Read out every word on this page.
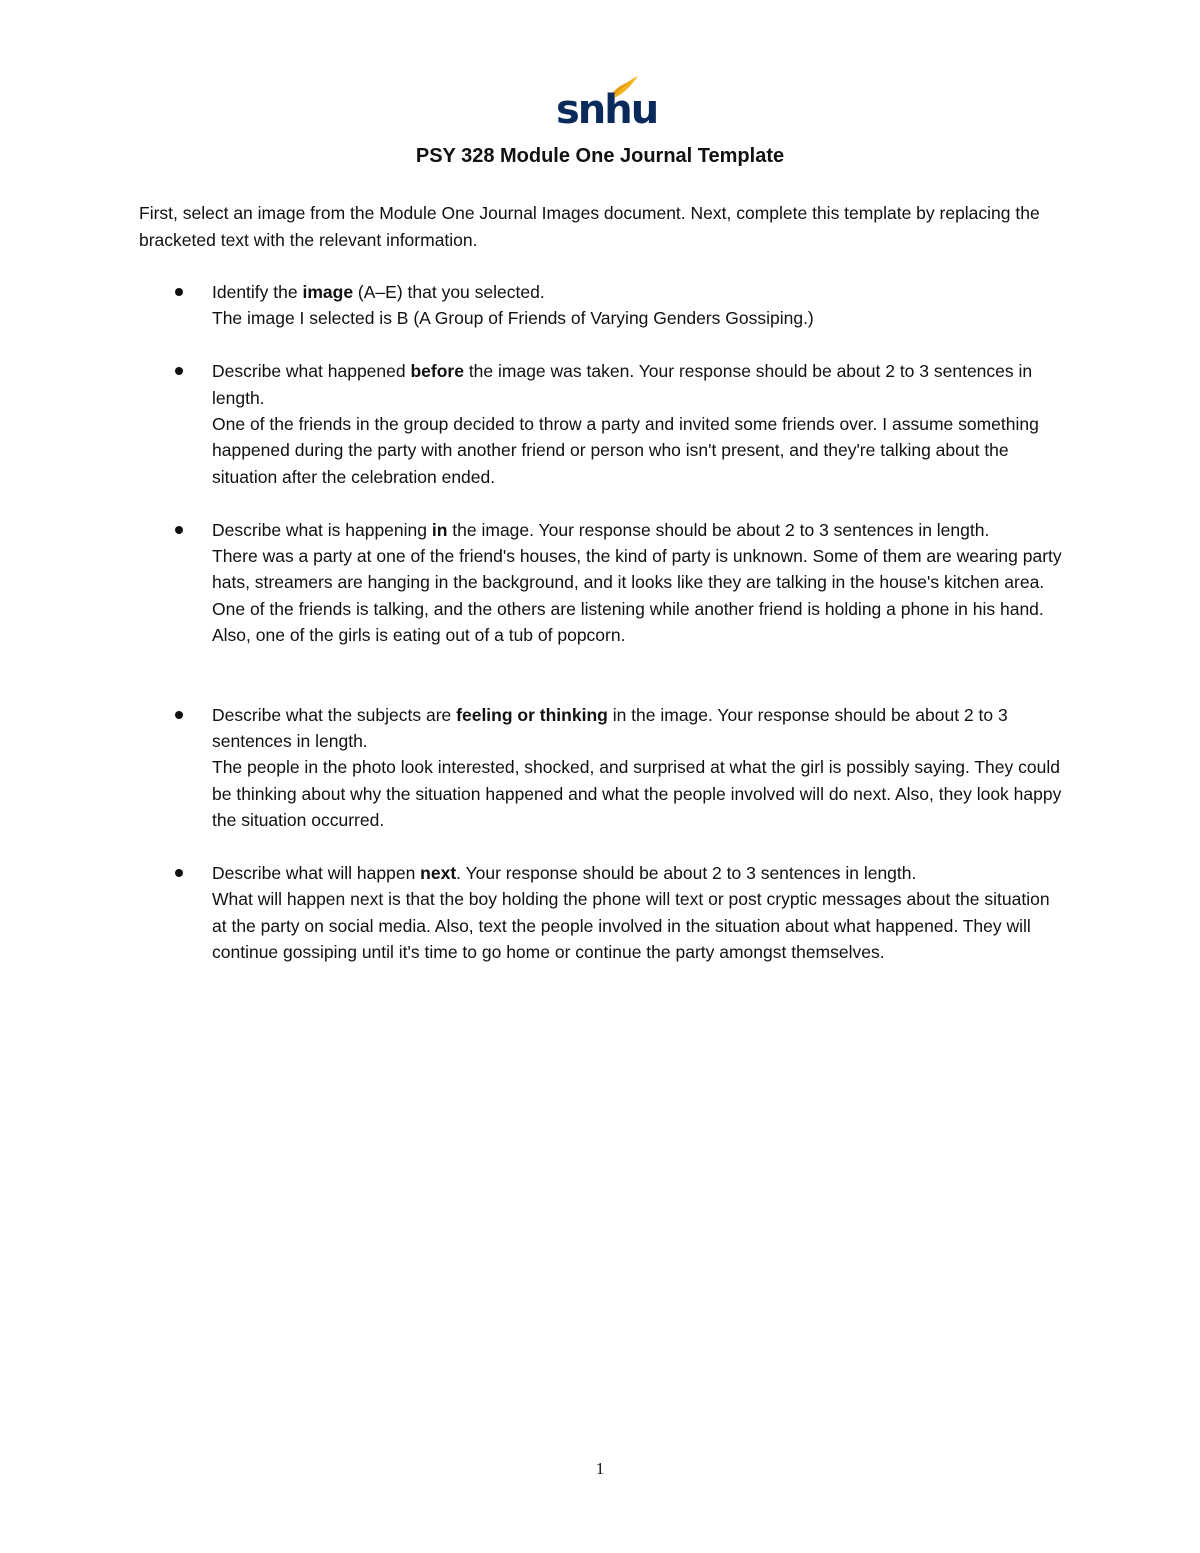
snhu
PSY 328 Module One Journal Template
First, select an image from the Module One Journal Images document. Next, complete this template by replacing the bracketed text with the relevant information.
Identify the image (A–E) that you selected.
The image I selected is B (A Group of Friends of Varying Genders Gossiping.)
Describe what happened before the image was taken. Your response should be about 2 to 3 sentences in length.
One of the friends in the group decided to throw a party and invited some friends over. I assume something happened during the party with another friend or person who isn't present, and they're talking about the situation after the celebration ended.
Describe what is happening in the image. Your response should be about 2 to 3 sentences in length.
There was a party at one of the friend's houses, the kind of party is unknown. Some of them are wearing party hats, streamers are hanging in the background, and it looks like they are talking in the house's kitchen area. One of the friends is talking, and the others are listening while another friend is holding a phone in his hand. Also, one of the girls is eating out of a tub of popcorn.
Describe what the subjects are feeling or thinking in the image. Your response should be about 2 to 3 sentences in length.
The people in the photo look interested, shocked, and surprised at what the girl is possibly saying. They could be thinking about why the situation happened and what the people involved will do next. Also, they look happy the situation occurred.
Describe what will happen next. Your response should be about 2 to 3 sentences in length.
What will happen next is that the boy holding the phone will text or post cryptic messages about the situation at the party on social media. Also, text the people involved in the situation about what happened. They will continue gossiping until it's time to go home or continue the party amongst themselves.
1
